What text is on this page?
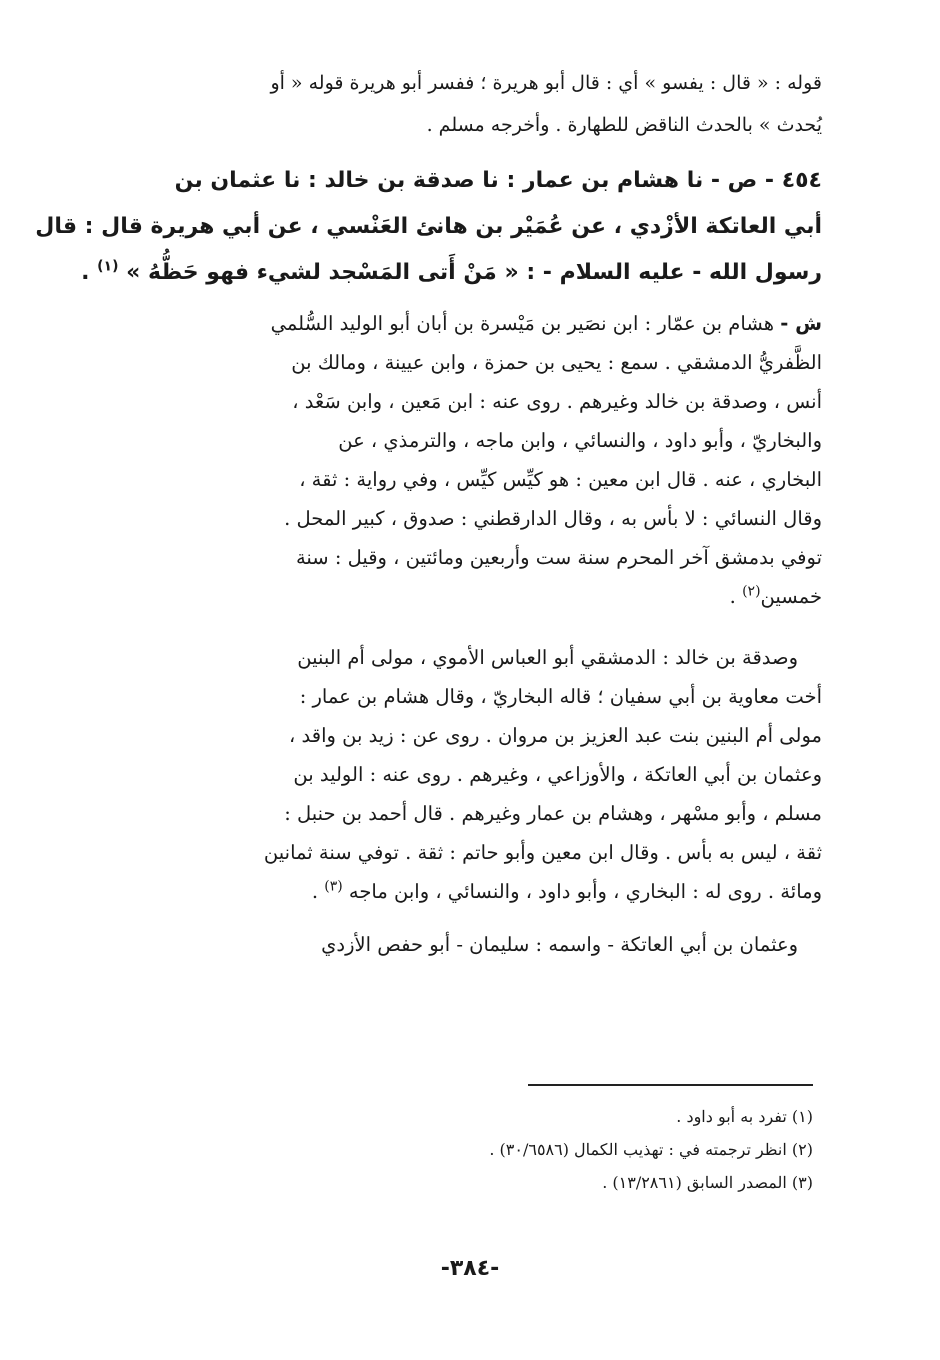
قوله : « قال : يفسو » أي : قال أبو هريرة ؛ ففسر أبو هريرة قوله « أو
يُحدث » بالحدث الناقض للطهارة . وأخرجه مسلم .

٤٥٤ - ص - نا هشام بن عمار : نا صدقة بن خالد : نا عثمان بن
أبي العاتكة الأزْدي ، عن عُمَيْر بن هانئ العَنْسي ، عن أبي هريرة قال : قال
رسول الله - عليه السلام - : « مَنْ أَتى المَسْجد لشيء فهو حَظُّهُ » $^{(١)}$ .

ش - هشام بن عمّار : ابن نصَير بن مَيْسرة بن أبان أبو الوليد السُّلمي
الظَّفريُّ الدمشقي . سمع : يحيى بن حمزة ، وابن عيينة ، ومالك بن
أنس ، وصدقة بن خالد وغيرهم . روى عنه : ابن مَعين ، وابن سَعْد ،
والبخاريّ ، وأبو داود ، والنسائي ، وابن ماجه ، والترمذي ، عن
البخاري ، عنه . قال ابن معين : هو كيِّس كيِّس ، وفي رواية : ثقة ،
وقال النسائي : لا بأس به ، وقال الدارقطني : صدوق ، كبير المحل .
توفي بدمشق آخر المحرم سنة ست وأربعين ومائتين ، وقيل : سنة
خمسين$^{(٢)}$ .

وصدقة بن خالد : الدمشقي أبو العباس الأموي ، مولى أم البنين
أخت معاوية بن أبي سفيان ؛ قاله البخاريّ ، وقال هشام بن عمار :
مولى أم البنين بنت عبد العزيز بن مروان . روى عن : زيد بن واقد ،
وعثمان بن أبي العاتكة ، والأوزاعي ، وغيرهم . روى عنه : الوليد بن
مسلم ، وأبو مسْهر ، وهشام بن عمار وغيرهم . قال أحمد بن حنبل :
ثقة ، ليس به بأس . وقال ابن معين وأبو حاتم : ثقة . توفي سنة ثمانين
ومائة . روى له : البخاري ، وأبو داود ، والنسائي ، وابن ماجه $^{(٣)}$ .

وعثمان بن أبي العاتكة - واسمه : سليمان - أبو حفص الأزدي

(١) تفرد به أبو داود .
(٢) انظر ترجمته في : تهذيب الكمال (٣٠/٦٥٨٦) .
(٣) المصدر السابق (١٣/٢٨٦١) .
-٣٨٤-
